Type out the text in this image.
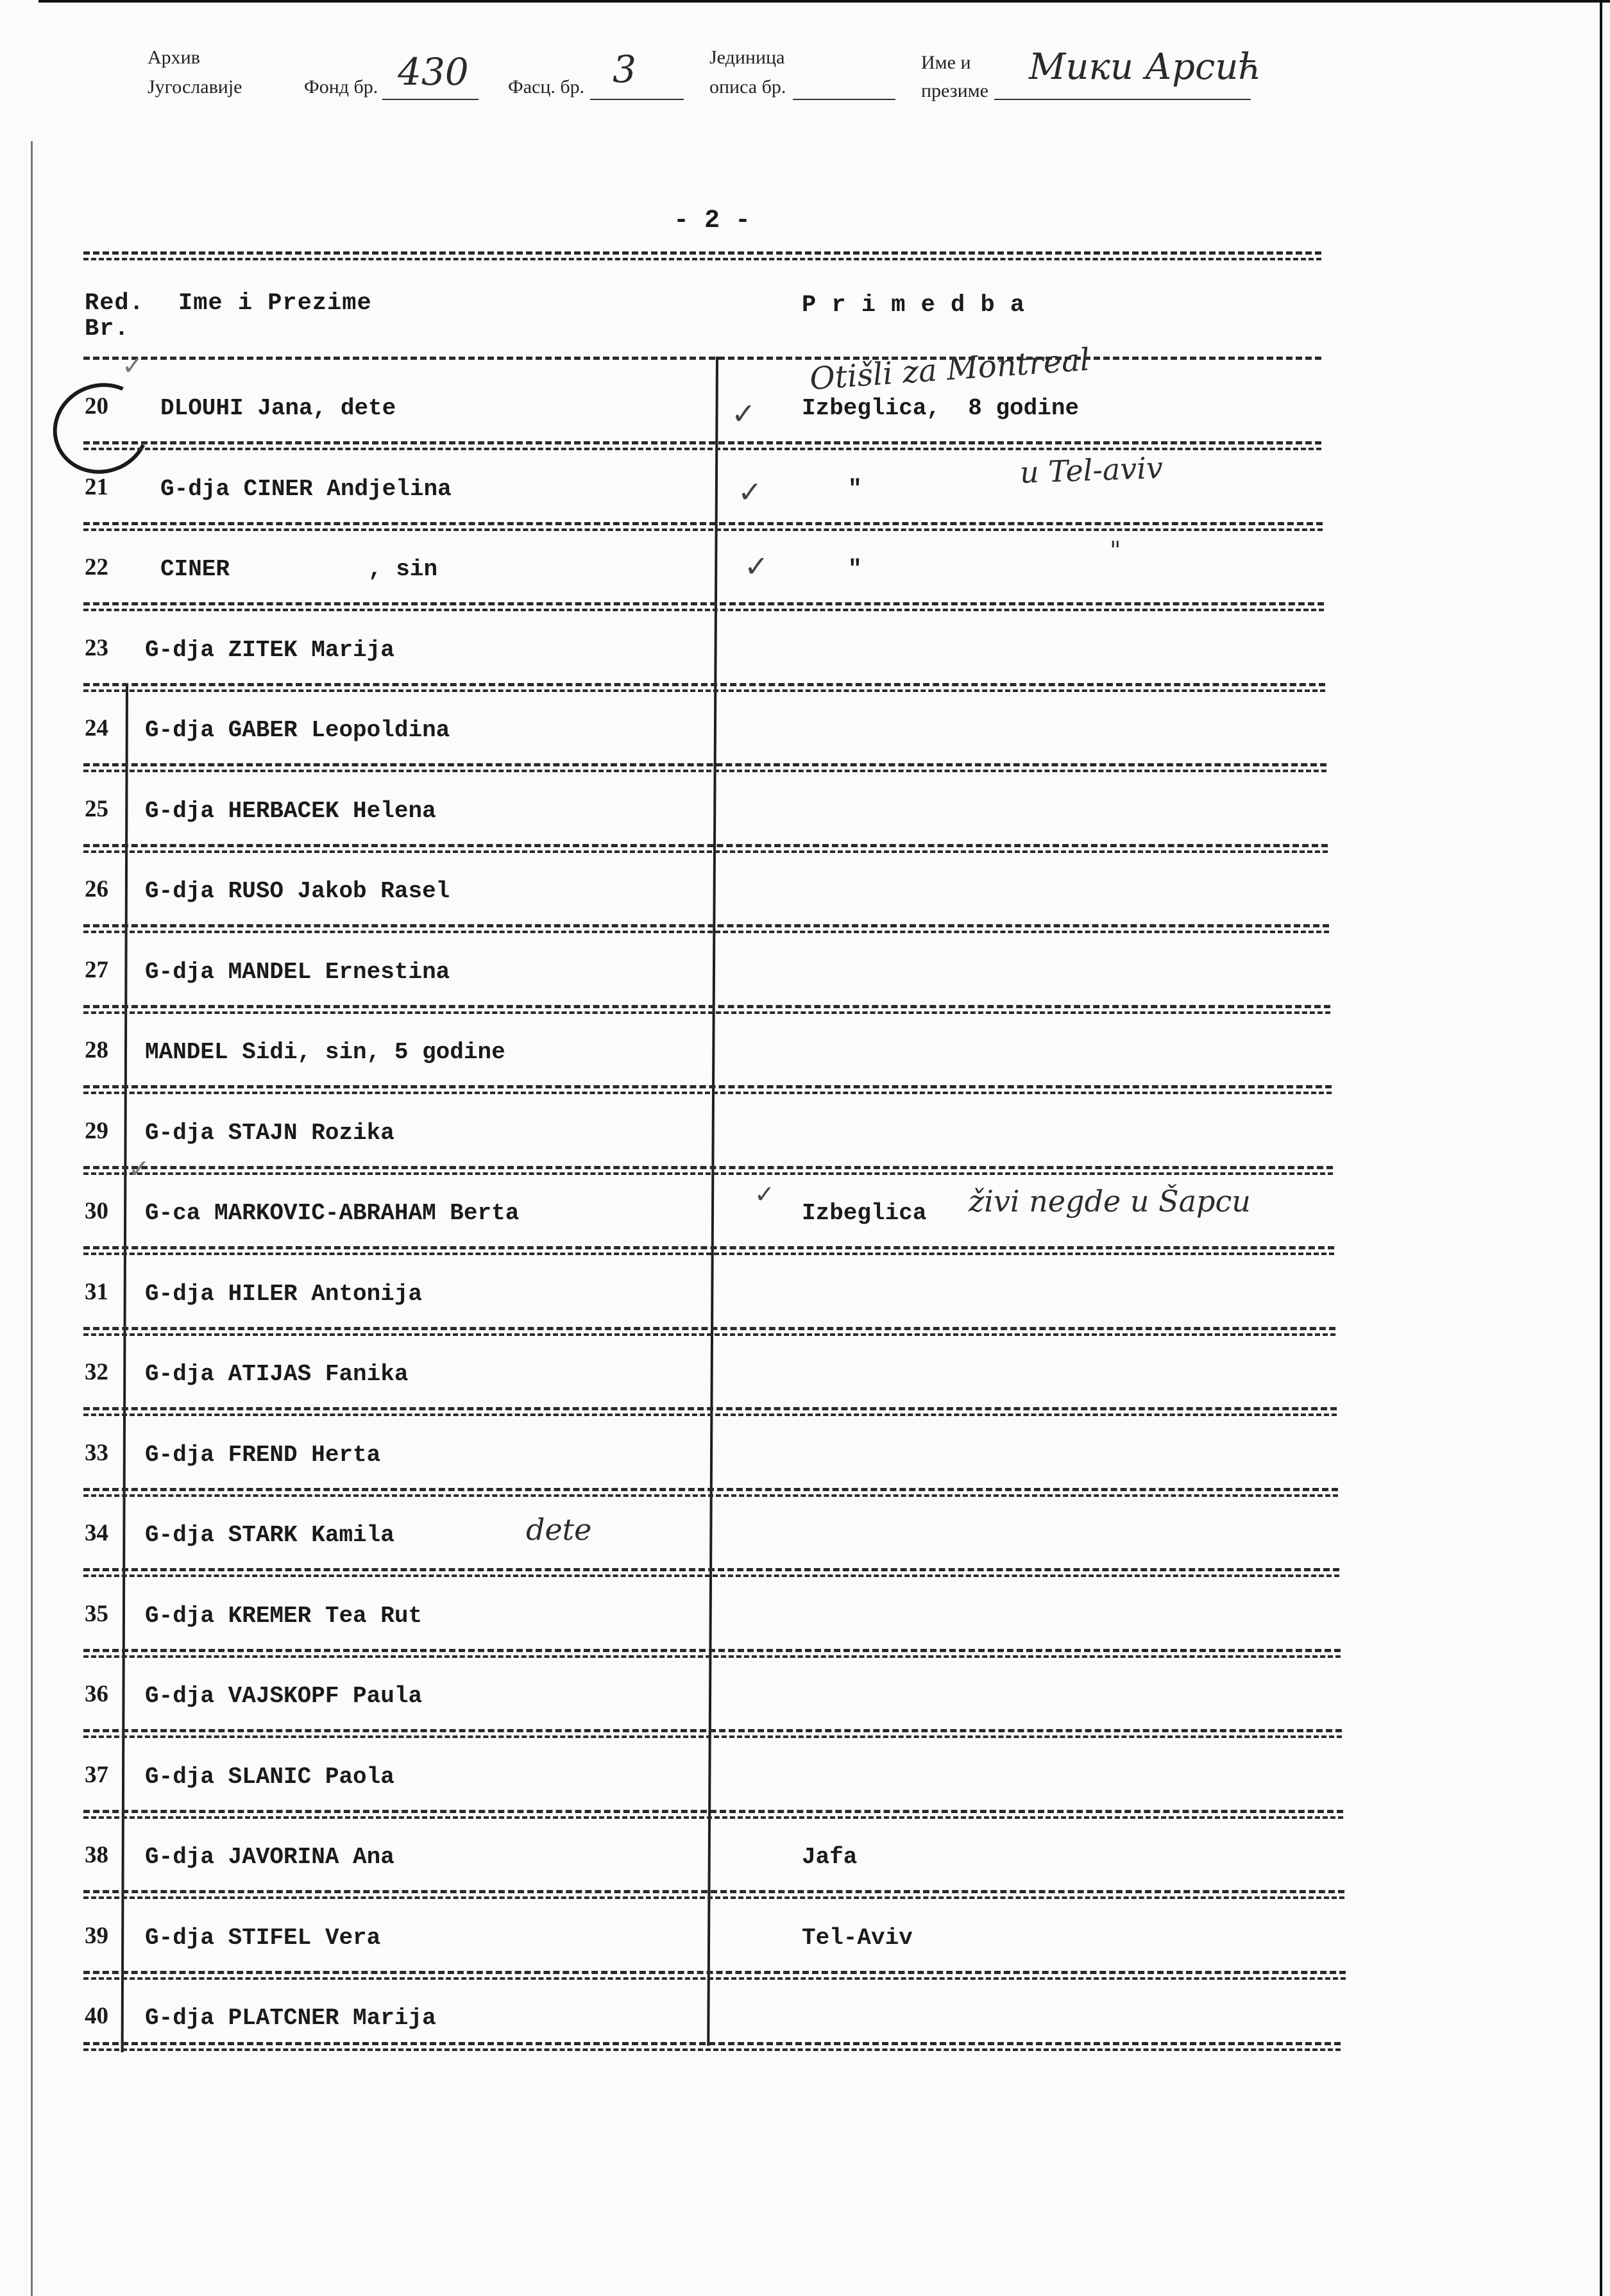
Архив
Југославије	Фонд бр. 430 Фасц. бр. 3	Јединица
описа бр.
Име и
презиме
Мики Арсић
- 2 -
Red.
Br.
Ime i Prezime	P r i m e d b a
20 DLOUHI Jana, dete	Izbeglica,  8 godine
21 G-dja CINER Andjelina	"
22 CINER          , sin	"
23 G-dja ZITEK Marija
24 G-dja GABER Leopoldina
25 G-dja HERBACEK Helena
26 G-dja RUSO Jakob Rasel
27 G-dja MANDEL Ernestina
28 MANDEL Sidi, sin, 5 godine
29 G-dja STAJN Rozika
30 G-ca MARKOVIC-ABRAHAM Berta	Izbeglica
31 G-dja HILER Antonija
32 G-dja ATIJAS Fanika
33 G-dja FREND Herta
34 G-dja STARK Kamila
35 G-dja KREMER Tea Rut
36 G-dja VAJSKOPF Paula
37 G-dja SLANIC Paola
38 G-dja JAVORINA Ana	Jafa
39 G-dja STIFEL Vera	Tel-Aviv
40 G-dja PLATCNER Marija
Otišli za Montreal
u Tel-aviv
"
živi negde u Šapcu
dete
✓
✓
✓
✓
✓
✓
